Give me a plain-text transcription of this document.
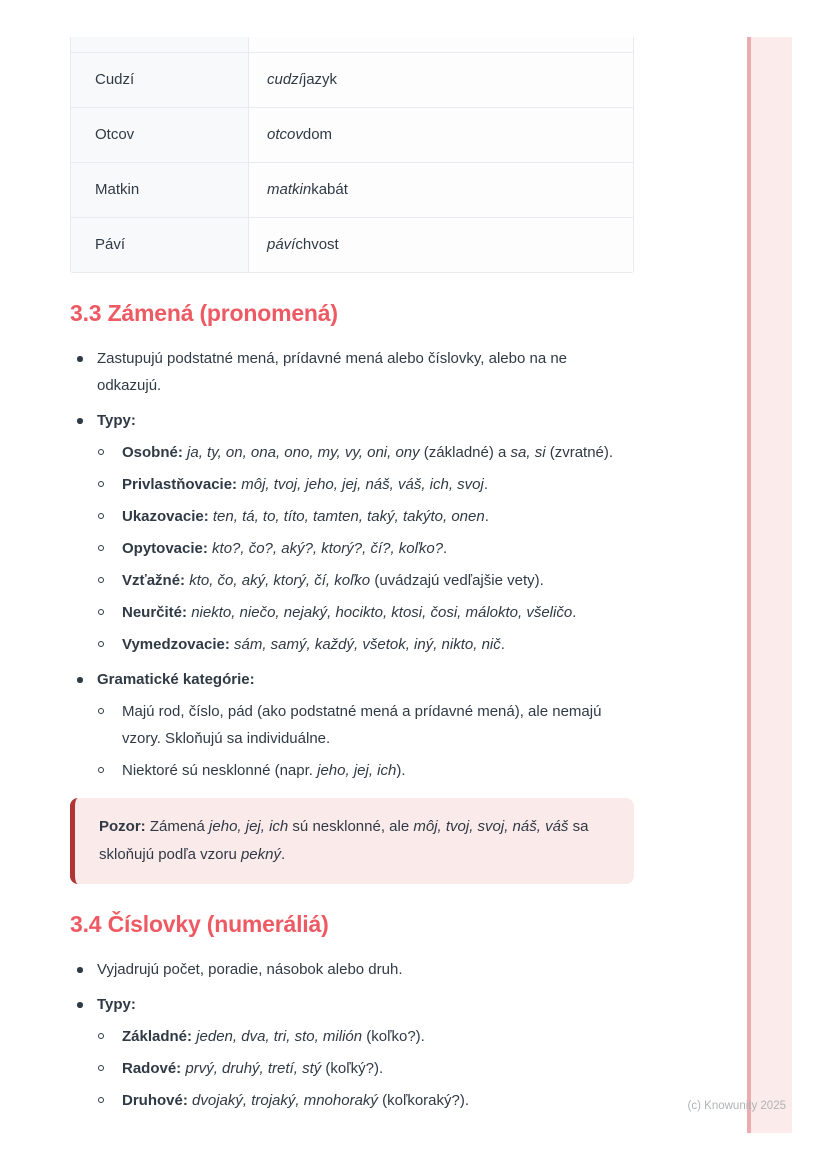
Cudzí	cudzí jazyk
Otcov	otcov dom
Matkin	matkin kabát
Páví	páví chvost
3.3 Zámená (pronomená)
Zastupujú podstatné mená, prídavné mená alebo číslovky, alebo na ne odkazujú.
Typy:
Osobné: ja, ty, on, ona, ono, my, vy, oni, ony (základné) a sa, si (zvratné).
Privlastňovacie: môj, tvoj, jeho, jej, náš, váš, ich, svoj.
Ukazovacie: ten, tá, to, títo, tamten, taký, takýto, onen.
Opytovacie: kto?, čo?, aký?, ktorý?, čí?, koľko?.
Vzťažné: kto, čo, aký, ktorý, čí, koľko (uvádzajú vedľajšie vety).
Neurčité: niekto, niečo, nejaký, hocikto, ktosi, čosi, málokto, všeličo.
Vymedzovacie: sám, samý, každý, všetok, iný, nikto, nič.
Gramatické kategórie:
Majú rod, číslo, pád (ako podstatné mená a prídavné mená), ale nemajú vzory. Skloňujú sa individuálne.
Niektoré sú nesklonné (napr. jeho, jej, ich).

Pozor: Zámená jeho, jej, ich sú nesklonné, ale môj, tvoj, svoj, náš, váš sa skloňujú podľa vzoru pekný.

3.4 Číslovky (numeráliá)
Vyjadrujú počet, poradie, násobok alebo druh.
Typy:
Základné: jeden, dva, tri, sto, milión (koľko?).
Radové: prvý, druhý, tretí, stý (koľký?).
Druhové: dvojaký, trojaký, mnohoraký (koľkoraký?).	(c) Knowunity 2025
